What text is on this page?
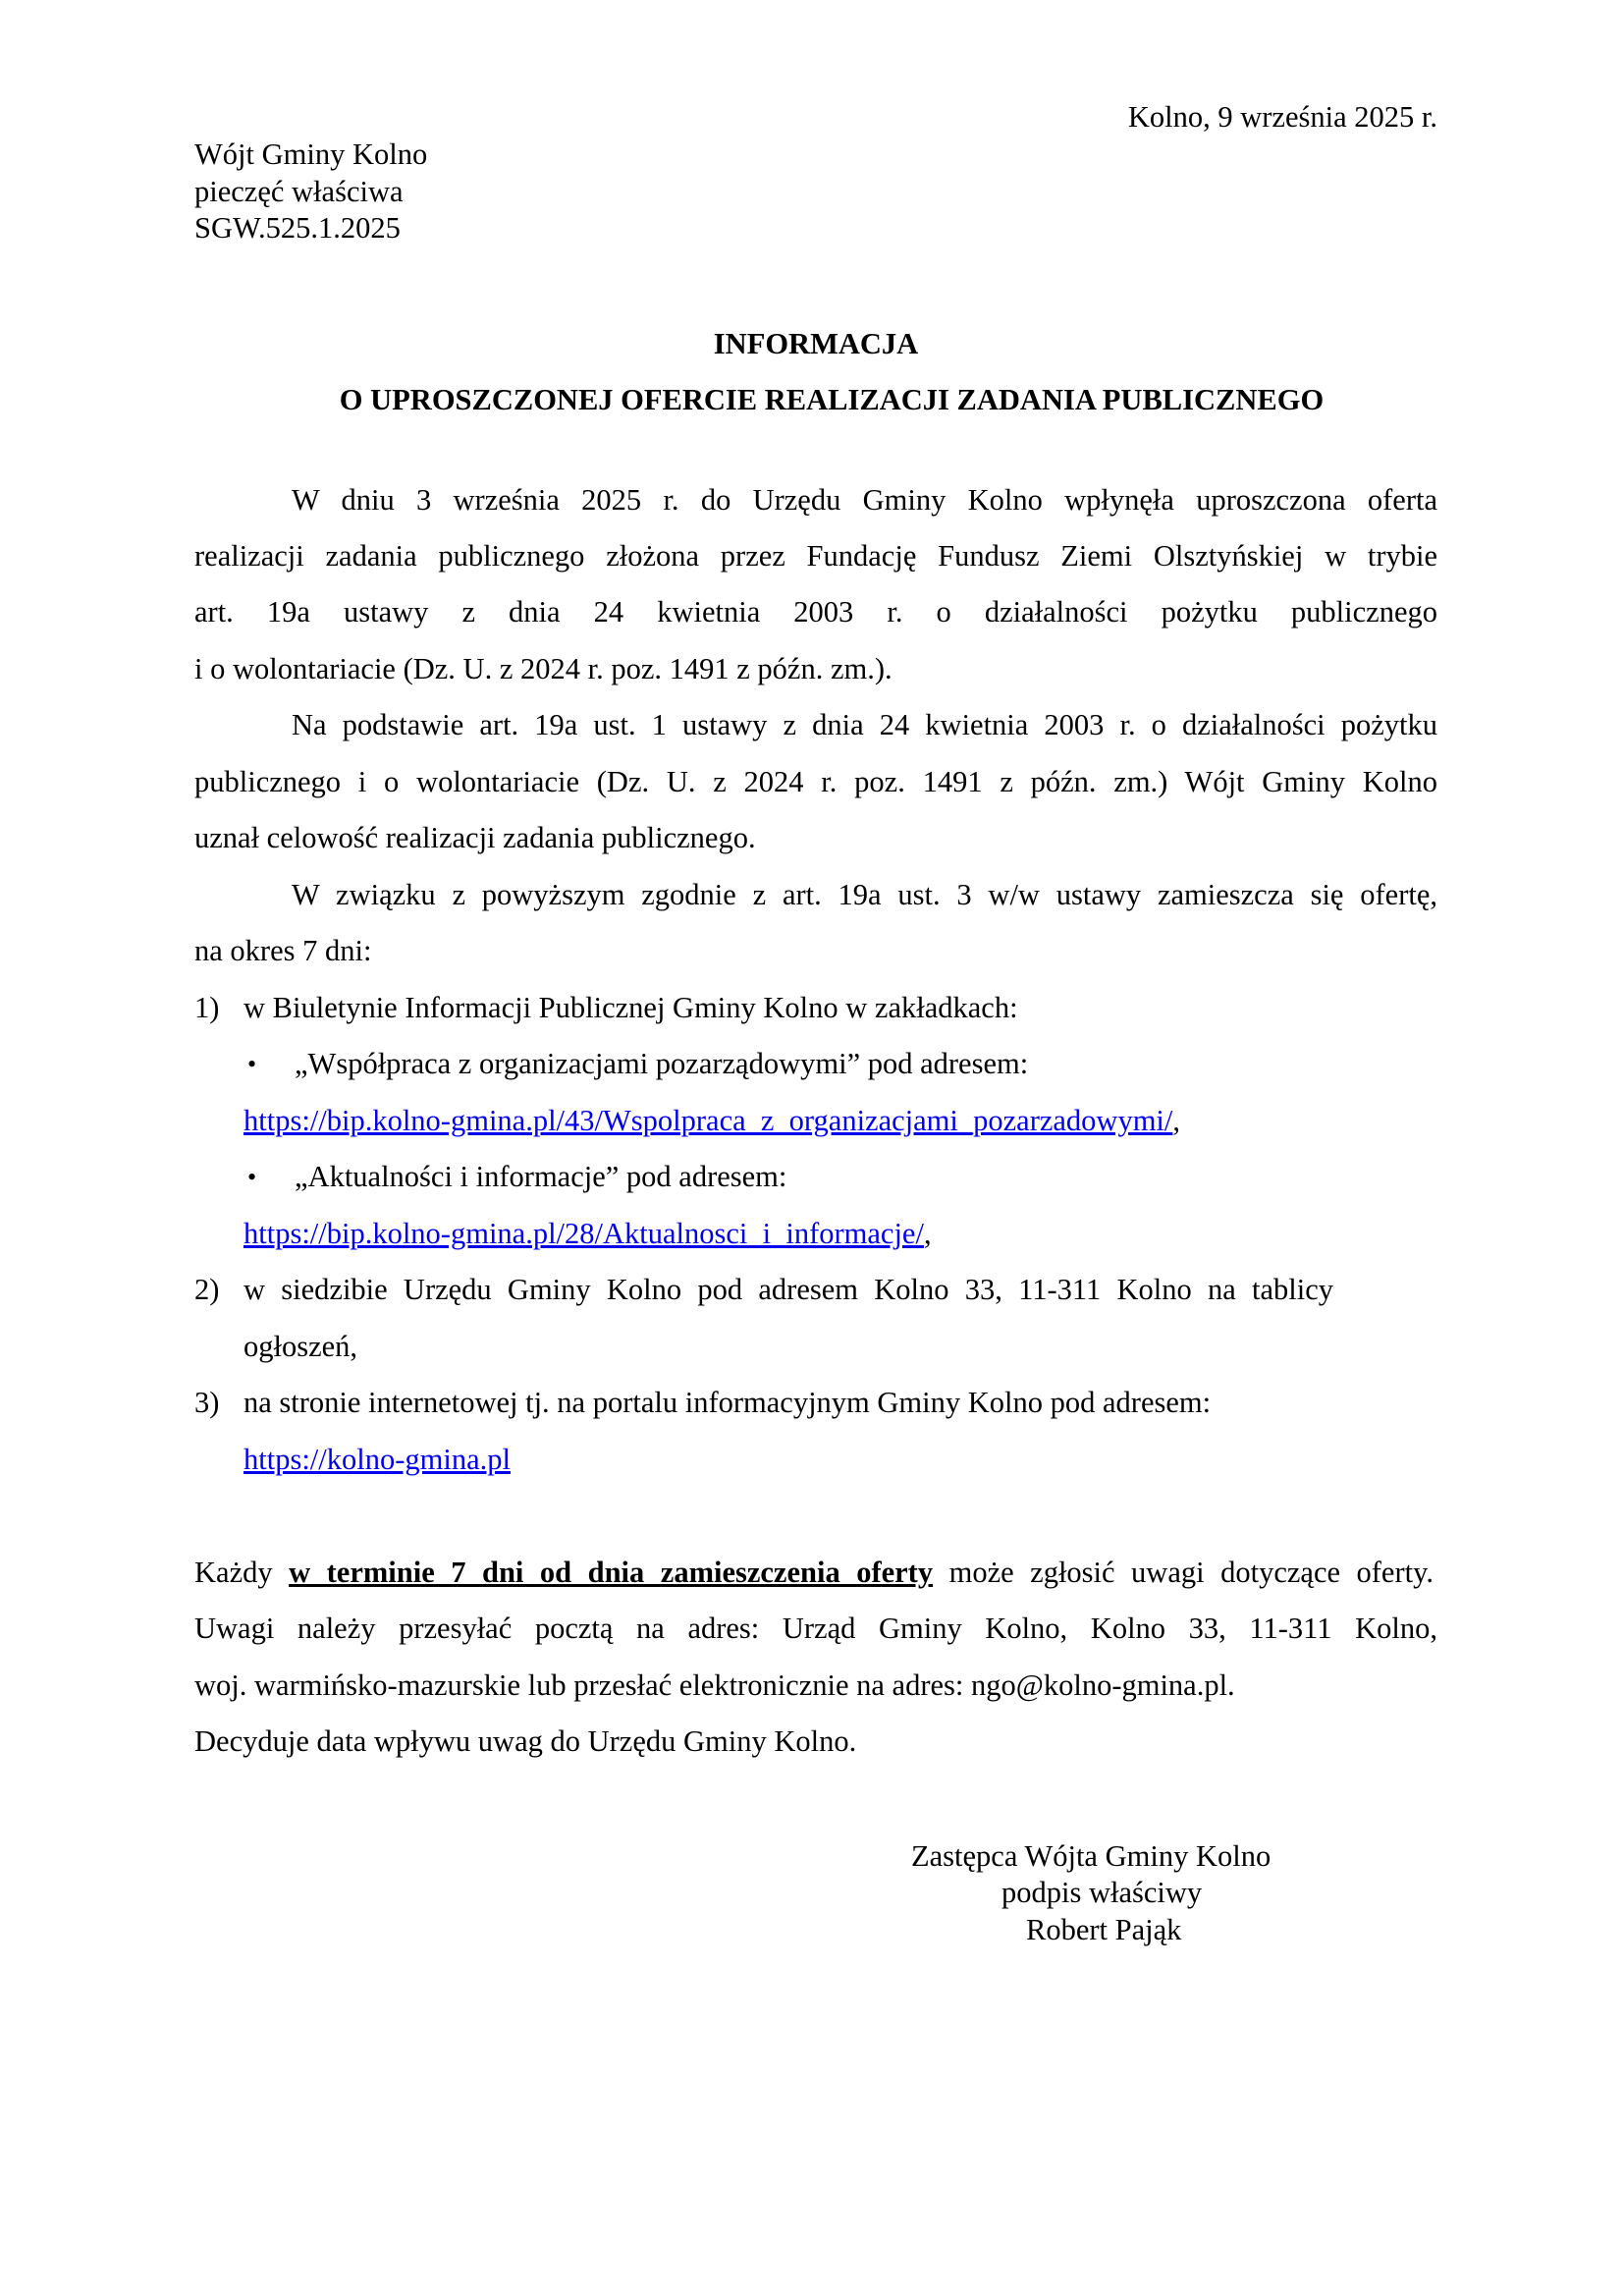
Kolno, 9 września 2025 r.
Wójt Gminy Kolno
pieczęć właściwa
SGW.525.1.2025
INFORMACJA
O UPROSZCZONEJ OFERCIE REALIZACJI ZADANIA PUBLICZNEGO
W dniu 3 września 2025 r. do Urzędu Gminy Kolno wpłynęła uproszczona oferta
realizacji zadania publicznego złożona przez Fundację Fundusz Ziemi Olsztyńskiej w trybie
art. 19a ustawy z dnia 24 kwietnia 2003 r. o działalności pożytku publicznego
i o wolontariacie (Dz. U. z 2024 r. poz. 1491 z późn. zm.).
Na podstawie art. 19a ust. 1 ustawy z dnia 24 kwietnia 2003 r. o działalności pożytku
publicznego i o wolontariacie (Dz. U. z 2024 r. poz. 1491 z późn. zm.) Wójt Gminy Kolno
uznał celowość realizacji zadania publicznego.
W związku z powyższym zgodnie z art. 19a ust. 3 w/w ustawy zamieszcza się ofertę,
na okres 7 dni:
1) w Biuletynie Informacji Publicznej Gminy Kolno w zakładkach:
• „Współpraca z organizacjami pozarządowymi” pod adresem:
https://bip.kolno-gmina.pl/43/Wspolpraca_z_organizacjami_pozarzadowymi/,
• „Aktualności i informacje” pod adresem:
https://bip.kolno-gmina.pl/28/Aktualnosci_i_informacje/,
2) w siedzibie Urzędu Gminy Kolno pod adresem Kolno 33, 11-311 Kolno na tablicy
ogłoszeń,
3) na stronie internetowej tj. na portalu informacyjnym Gminy Kolno pod adresem:
https://kolno-gmina.pl
Każdy w terminie 7 dni od dnia zamieszczenia oferty może zgłosić uwagi dotyczące oferty.
Uwagi należy przesyłać pocztą na adres: Urząd Gminy Kolno, Kolno 33, 11-311 Kolno,
woj. warmińsko-mazurskie lub przesłać elektronicznie na adres: ngo@kolno-gmina.pl.
Decyduje data wpływu uwag do Urzędu Gminy Kolno.
Zastępca Wójta Gminy Kolno
podpis właściwy
Robert Pająk
